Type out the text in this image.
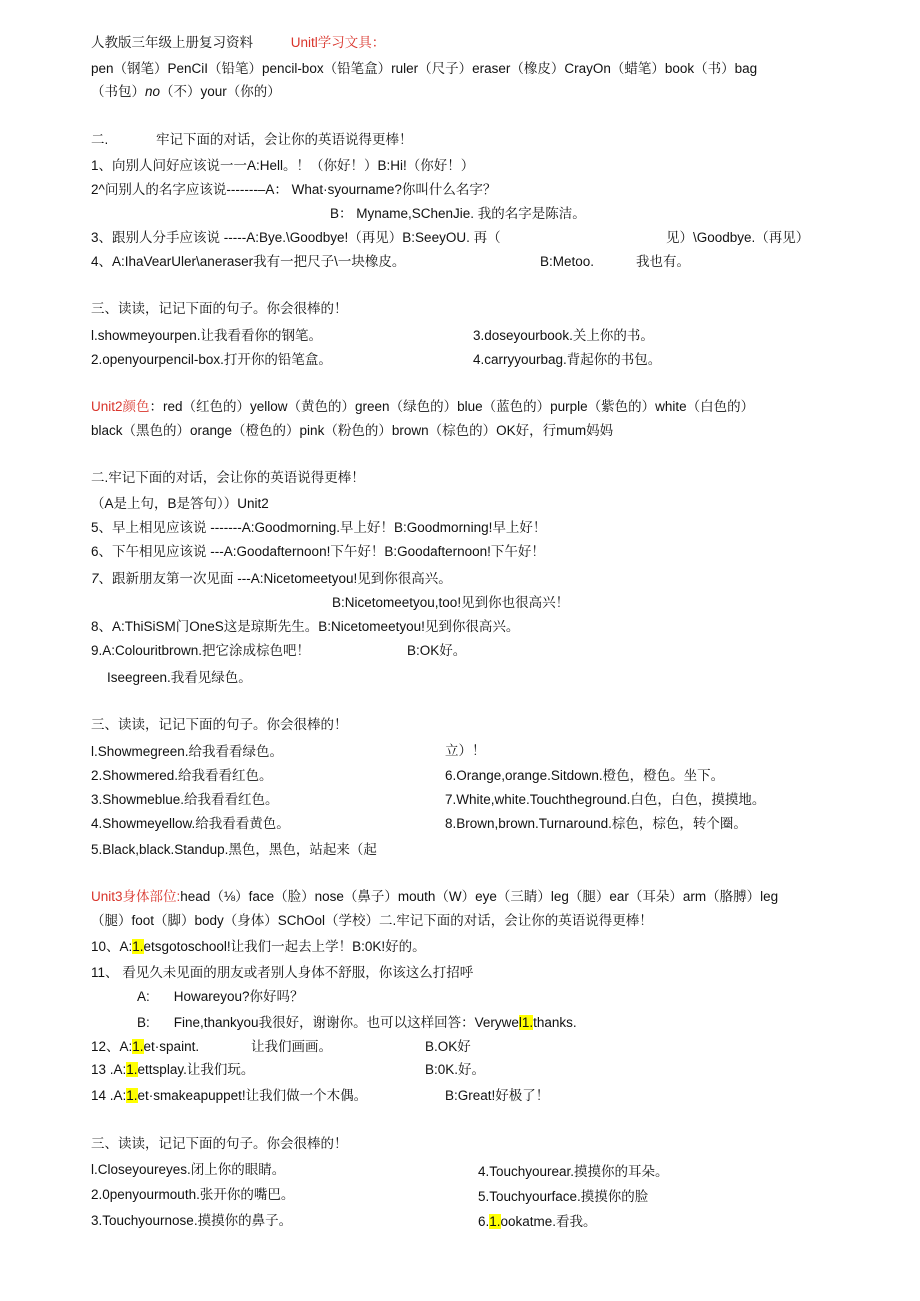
人教版三年级上册复习资料	Unitl学习文具：
pen（钢笔）PenCiI（铅笔）pencil-box（铅笔盒）ruler（尺子）eraser（橡皮）CrayOn（蜡笔）book（书）bag
（书包）no（不）your（你的）
二.	牢记下面的对话，会让你的英语说得更棒！
1、向别人问好应该说一一A:Hell。！（你好！）B:Hi!（你好！）
2^问别人的名字应该说-------–A： What·syourname?你叫什么名字？
B： Myname,SChenJie. 我的名字是陈洁。
3、跟别人分手应该说 -----A:Bye.\Goodbye!（再见）B:SeeyOU. 再（	见）\Goodbye.（再见）
4、A:IhaVearUler\aneraser我有一把尺子\一块橡皮。	B:Metoo.	我也有。
三、读读，记记下面的句子。你会很棒的！
l.showmeyourpen.让我看看你的钢笔。	3.doseyourbook.关上你的书。
2.openyourpencil-box.打开你的铅笔盒。	4.carryyourbag.背起你的书包。
Unit2颜色：red（红色的）yellow（黄色的）green（绿色的）blue（蓝色的）purple（紫色的）white（白色的）
black（黑色的）orange（橙色的）pink（粉色的）brown（棕色的）OK好，行mum妈妈
二.牢记下面的对话，会让你的英语说得更棒！
（A是上句，B是答句））Unit2
5、早上相见应该说 -------A:Goodmorning.早上好！B:Goodmorning!早上好！
6、下午相见应该说 ---A:Goodafternoon!下午好！B:Goodafternoon!下午好！
7、跟新朋友第一次见面 ---A:Nicetomeetyou!见到你很高兴。
B:Nicetomeetyou,too!见到你也很高兴！
8、A:ThiSiSM门OneS这是琼斯先生。B:Nicetomeetyou!见到你很高兴。
9.A:Colouritbrown.把它涂成棕色吧！	B:OK好。
Iseegreen.我看见绿色。
三、读读，记记下面的句子。你会很棒的！
l.Showmegreen.给我看看绿色。	立）！
2.Showmered.给我看看红色。	6.Orange,orange.Sitdown.橙色，橙色。坐下。
3.Showmeblue.给我看看红色。	7.White,white.Touchtheground.白色，白色，摸摸地。
4.Showmeyellow.给我看看黄色。	8.Brown,brown.Turnaround.棕色，棕色，转个圈。
5.Black,black.Standup.黑色，黑色，站起来（起
Unit3身体部位:head（⅛）face（脸）nose（鼻子）mouth（W）eye（三睛）leg（腿）ear（耳朵）arm（胳膊）leg
（腿）foot（脚）body（身体）SChOol（学校）二.牢记下面的对话，会让你的英语说得更棒！
10、A:1.etsgotoschool!让我们一起去上学！B:0K!好的。
11、 看见久未见面的朋友或者别人身体不舒服，你该这么打招呼
A: Howareyou?你好吗？
B: Fine,thankyou我很好，谢谢你。也可以这样回答：Verywel1.thanks.
12、A:1.et·spaint.	让我们画画。	B.OK好
13 .A:1.ettsplay.让我们玩。	B:0K.好。
14 .A:1.et·smakeapuppet!让我们做一个木偶。	B:Great!好极了！
三、读读，记记下面的句子。你会很棒的！
l.Closeyoureyes.闭上你的眼睛。	4.Touchyourear.摸摸你的耳朵。
2.0penyourmouth.张开你的嘴巴。	5.Touchyourface.摸摸你的脸
3.Touchyournose.摸摸你的鼻子。	6.1.ookatme.看我。
